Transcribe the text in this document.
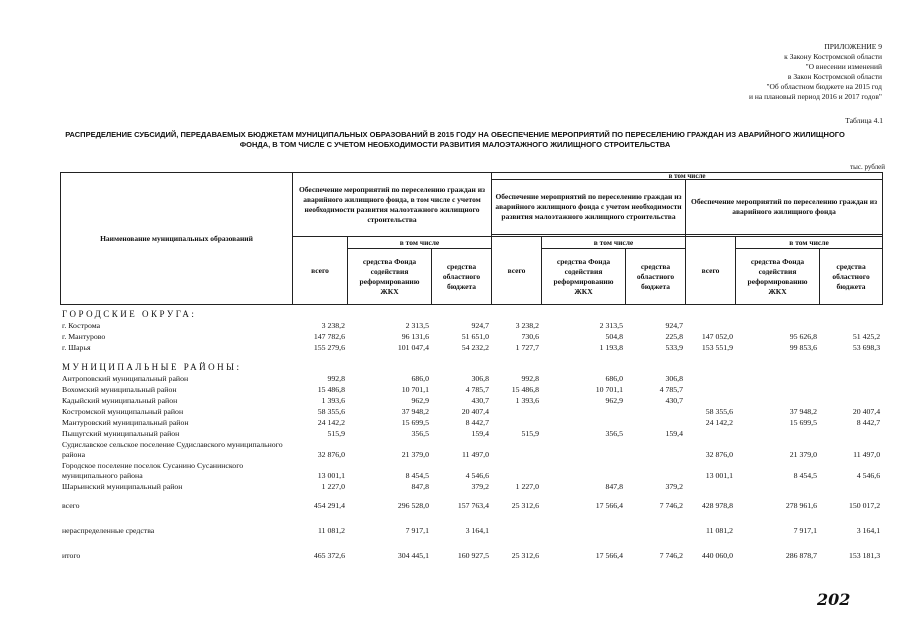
ПРИЛОЖЕНИЕ 9
к Закону Костромской области
"О внесении изменений
в Закон Костромской области
"Об областном бюджете на 2015 год
и на плановый период 2016 и 2017 годов"
Таблица 4.1
РАСПРЕДЕЛЕНИЕ СУБСИДИЙ, ПЕРЕДАВАЕМЫХ БЮДЖЕТАМ МУНИЦИПАЛЬНЫХ ОБРАЗОВАНИЙ В 2015 ГОДУ НА ОБЕСПЕЧЕНИЕ МЕРОПРИЯТИЙ ПО ПЕРЕСЕЛЕНИЮ ГРАЖДАН ИЗ АВАРИЙНОГО ЖИЛИЩНОГО ФОНДА, В ТОМ ЧИСЛЕ С УЧЕТОМ НЕОБХОДИМОСТИ РАЗВИТИЯ МАЛОЭТАЖНОГО ЖИЛИЩНОГО СТРОИТЕЛЬСТВА
тыс. рублей
Наименование муниципальных образований	Обеспечение мероприятий по переселению граждан из аварийного жилищного фонда, в том числе с учетом необходимости развития малоэтажного жилищного строительства			в том числе					
				Обеспечение мероприятий по переселению граждан из аварийного жилищного фонда с учетом необходимости развития малоэтажного жилищного строительства			Обеспечение мероприятий по переселению граждан из аварийного жилищного фонда		

	всего	в том числе		всего	в том числе		всего	в том числе	
		средства Фонда содействия реформированию ЖКХ	средства областного бюджета		средства Фонда содействия реформированию ЖКХ	средства областного бюджета		средства Фонда содействия реформированию ЖКХ	средства областного бюджета
ГОРОДСКИЕ ОКРУГА:									
г. Кострома	3 238,2	2 313,5	924,7	3 238,2	2 313,5	924,7			
г. Мантурово	147 782,6	96 131,6	51 651,0	730,6	504,8	225,8	147 052,0	95 626,8	51 425,2
г. Шарья	155 279,6	101 047,4	54 232,2	1 727,7	1 193,8	533,9	153 551,9	99 853,6	53 698,3

МУНИЦИПАЛЬНЫЕ РАЙОНЫ:									
Антроповский муниципальный район	992,8	686,0	306,8	992,8	686,0	306,8			
Вохомский муниципальный район	15 486,8	10 701,1	4 785,7	15 486,8	10 701,1	4 785,7			
Кадыйский муниципальный район	1 393,6	962,9	430,7	1 393,6	962,9	430,7			
Костромской муниципальный район	58 355,6	37 948,2	20 407,4				58 355,6	37 948,2	20 407,4
Мантуровский муниципальный район	24 142,2	15 699,5	8 442,7				24 142,2	15 699,5	8 442,7
Пыщугский муниципальный район	515,9	356,5	159,4	515,9	356,5	159,4			
Судиславское сельское поселение Судиславского муниципального района	32 876,0	21 379,0	11 497,0				32 876,0	21 379,0	11 497,0
Городское поселение поселок Сусанино Сусанинского муниципального района	13 001,1	8 454,5	4 546,6				13 001,1	8 454,5	4 546,6
Шарьинский муниципальный район	1 227,0	847,8	379,2	1 227,0	847,8	379,2			

всего	454 291,4	296 528,0	157 763,4	25 312,6	17 566,4	7 746,2	428 978,8	278 961,6	150 017,2

нераспределенные средства	11 081,2	7 917,1	3 164,1				11 081,2	7 917,1	3 164,1

итого	465 372,6	304 445,1	160 927,5	25 312,6	17 566,4	7 746,2	440 060,0	286 878,7	153 181,3
202
